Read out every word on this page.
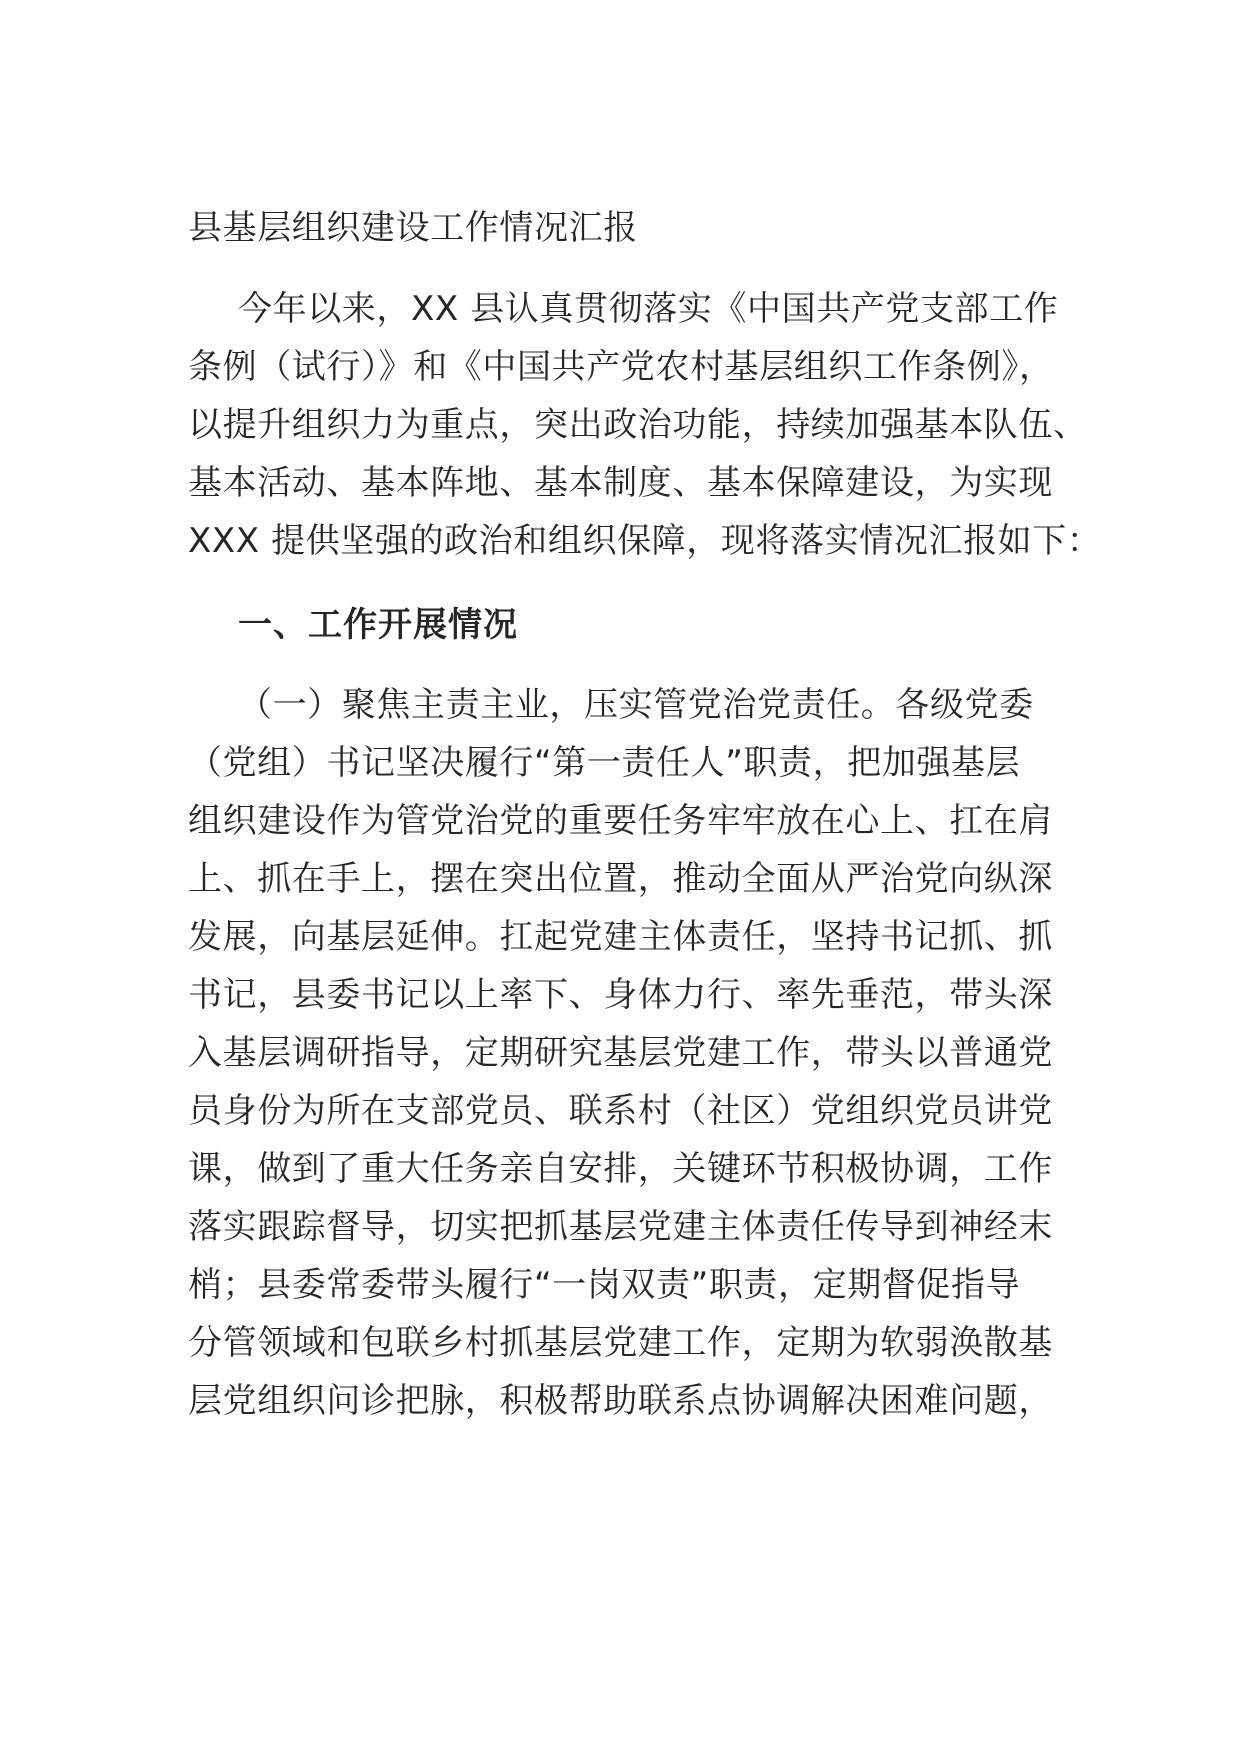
县基层组织建设工作情况汇报
今年以来，XX 县认真贯彻落实《中国共产党支部工作
条例（试行）》和《中国共产党农村基层组织工作条例》，
以提升组织力为重点，突出政治功能，持续加强基本队伍、
基本活动、基本阵地、基本制度、基本保障建设，为实现
XXX 提供坚强的政治和组织保障，现将落实情况汇报如下：
一、工作开展情况
（一）聚焦主责主业，压实管党治党责任。各级党委
（党组）书记坚决履行“第一责任人”职责，把加强基层
组织建设作为管党治党的重要任务牢牢放在心上、扛在肩
上、抓在手上，摆在突出位置，推动全面从严治党向纵深
发展，向基层延伸。扛起党建主体责任，坚持书记抓、抓
书记，县委书记以上率下、身体力行、率先垂范，带头深
入基层调研指导，定期研究基层党建工作，带头以普通党
员身份为所在支部党员、联系村（社区）党组织党员讲党
课，做到了重大任务亲自安排，关键环节积极协调，工作
落实跟踪督导，切实把抓基层党建主体责任传导到神经末
梢；县委常委带头履行“一岗双责”职责，定期督促指导
分管领域和包联乡村抓基层党建工作，定期为软弱涣散基
层党组织问诊把脉，积极帮助联系点协调解决困难问题，
